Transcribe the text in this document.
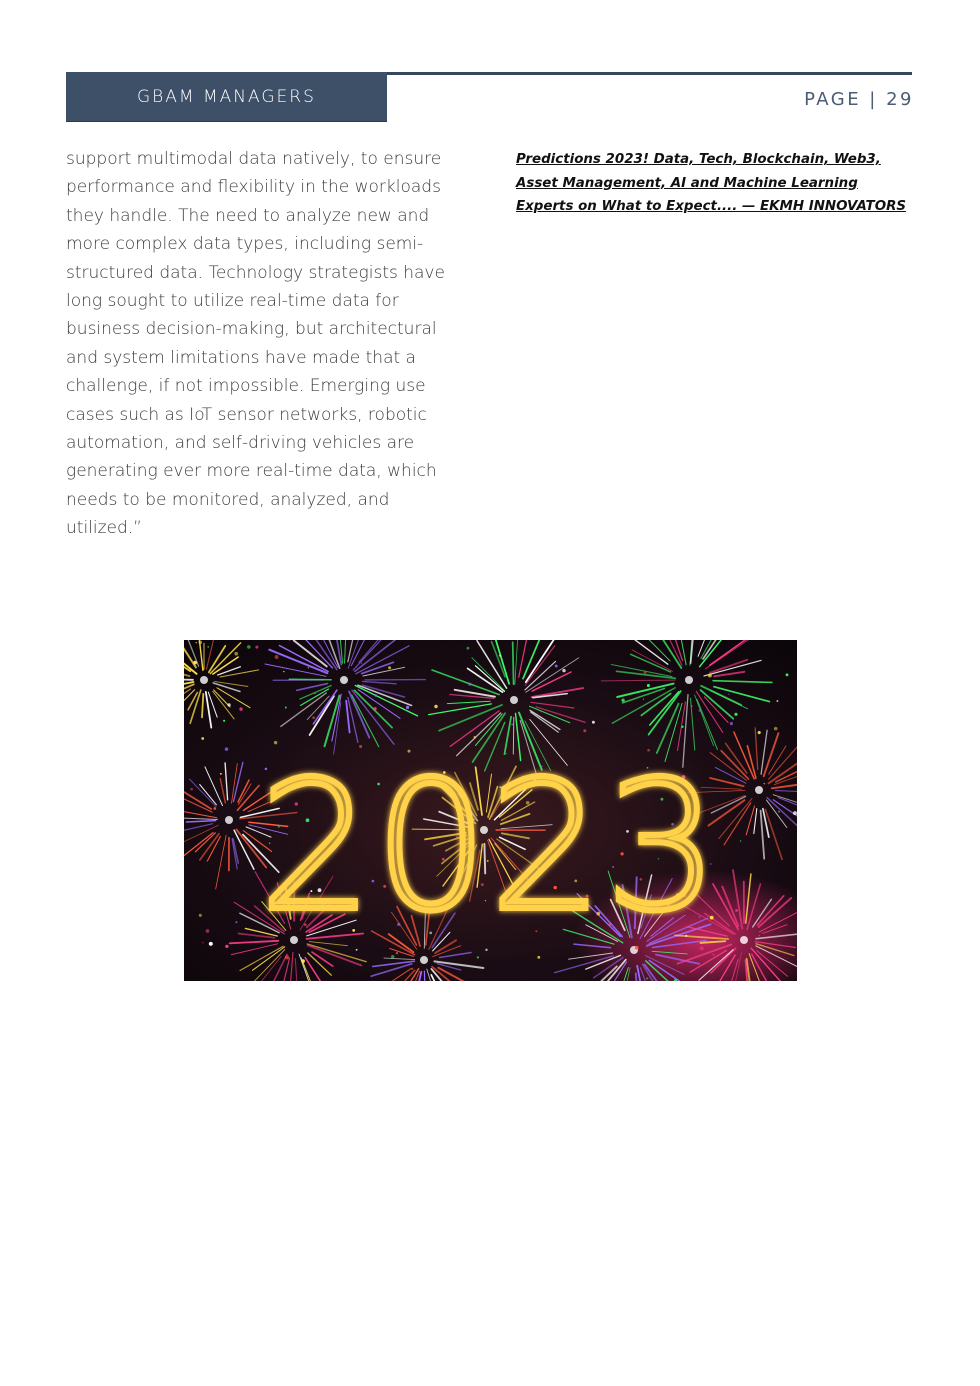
GBAM MANAGERS	PAGE | 29

support multimodal data natively, to ensure performance and flexibility in the workloads they handle. The need to analyze new and more complex data types, including semi-structured data. Technology strategists have long sought to utilize real-time data for business decision-making, but architectural and system limitations have made that a challenge, if not impossible. Emerging use cases such as IoT sensor networks, robotic automation, and self-driving vehicles are generating ever more real-time data, which needs to be monitored, analyzed, and utilized.”

Predictions 2023! Data, Tech, Blockchain, Web3, Asset Management, AI and Machine Learning Experts on What to Expect.... — EKMH INNOVATORS
2023
